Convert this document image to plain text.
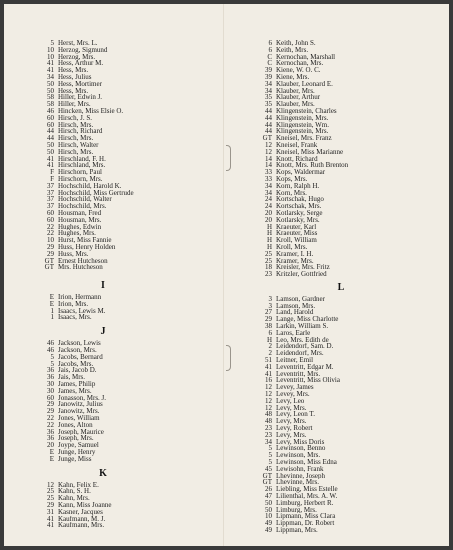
5 Herst, Mrs. L.
10 Herzog, Sigmund
10 Herzog, Mrs.
41 Hess, Arthur M.
41 Hess, Mrs.
34 Hess, Julius
50 Hess, Mortimer
50 Hess, Mrs.
58 Hiller, Edwin J.
58 Hiller, Mrs.
46 Hincken, Miss Elsie O.
60 Hirsch, J. S.
60 Hirsch, Mrs.
44 Hirsch, Richard
44 Hirsch, Mrs.
50 Hirsch, Walter
50 Hirsch, Mrs.
41 Hirschland, F. H.
41 Hirschland, Mrs.
F Hirschorn, Paul
F Hirschorn, Mrs.
37 Hochschild, Harold K.
37 Hochschild, Miss Gertrude
37 Hochschild, Walter
37 Hochschild, Mrs.
60 Housman, Fred
60 Housman, Mrs.
22 Hughes, Edwin
22 Hughes, Mrs.
10 Hurst, Miss Fannie
29 Huss, Henry Holden
29 Huss, Mrs.
GT Ernest Hutcheson
GT Mrs. Hutcheson
I
E Irion, Hermann
E Irion, Mrs.
1 Isaacs, Lewis M.
1 Isaacs, Mrs.
J
46 Jackson, Lewis
46 Jackson, Mrs.
5 Jacobs, Bernard
5 Jacobs, Mrs.
36 Jais, Jacob D.
36 Jais, Mrs.
30 James, Philip
30 James, Mrs.
60 Jonasson, Mrs. J.
29 Janowitz, Julius
29 Janowitz, Mrs.
22 Jones, William
22 Jones, Alton
36 Joseph, Maurice
36 Joseph, Mrs.
20 Joype, Samuel
E Junge, Henry
E Junge, Miss
K
12 Kahn, Felix E.
25 Kahn, S. H.
25 Kahn, Mrs.
29 Kann, Miss Joanne
31 Kasner, Jacques
41 Kaufmann, M. J.
41 Kaufmann, Mrs.
6 Keith, John S.
6 Keith, Mrs.
C Kernochan, Marshall
C Kernochan, Mrs.
39 Kiene, W. O. C.
39 Kiene, Mrs.
34 Klauber, Leonard E.
34 Klauber, Mrs.
35 Klauber, Arthur
35 Klauber, Mrs.
44 Klingenstein, Charles
44 Klingenstein, Mrs.
44 Klingenstein, Wm.
44 Klingenstein, Mrs.
GT Kneisel, Mrs. Franz
12 Kneisel, Frank
12 Kneisel, Miss Marianne
14 Knott, Richard
14 Knott, Mrs. Ruth Brenton
33 Kops, Waldermar
33 Kops, Mrs.
34 Korn, Ralph H.
34 Korn, Mrs.
24 Kortschak, Hugo
24 Kortschak, Mrs.
20 Kotlarsky, Serge
20 Kotlarsky, Mrs.
H Kraeuter, Karl
H Kraeuter, Miss
H Kroll, William
H Kroll, Mrs.
25 Kramer, I. H.
25 Kramer, Mrs.
18 Kreisler, Mrs. Fritz
23 Kritzler, Gottfried
L
3 Lamson, Gardner
3 Lamson, Mrs.
27 Land, Harold
29 Lange, Miss Charlotte
38 Larkin, William S.
6 Laros, Earle
H Leo, Mrs. Edith de
2 Leidendorf, Sam. D.
2 Leidendorf, Mrs.
51 Leitner, Emil
41 Leventritt, Edgar M.
41 Leventritt, Mrs.
16 Leventritt, Miss Olivia
12 Levey, James
12 Levey, Mrs.
12 Levy, Leo
12 Levy, Mrs.
48 Levy, Leon T.
48 Levy, Mrs.
23 Levy, Robert
23 Levy, Mrs.
34 Levy, Miss Doris
5 Lewinson, Benno
5 Lewinson, Mrs.
5 Lewinson, Miss Edna
45 Lewisohn, Frank
GT Lhevinne, Joseph
GT Lhevinne, Mrs.
26 Liebling, Miss Estelle
47 Lilienthal, Mrs. A. W.
50 Limburg, Herbert R.
50 Limburg, Mrs.
10 Lipmann, Miss Clara
49 Lippman, Dr. Robert
49 Lippman, Mrs.
